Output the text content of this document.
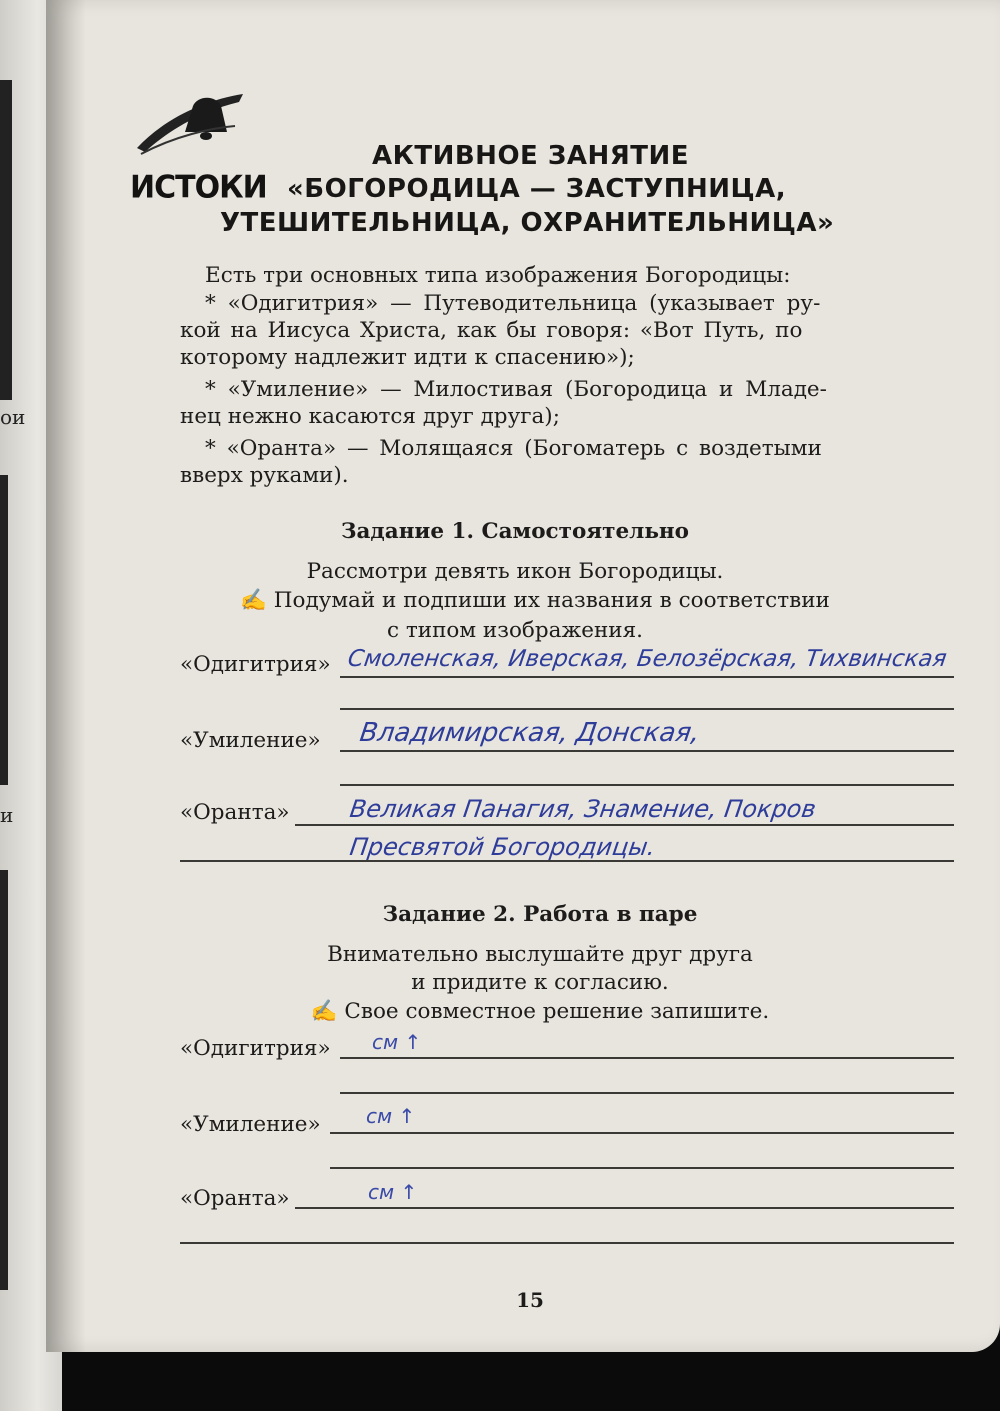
ои
и
АКТИВНОЕ ЗАНЯТИЕ
ИСТОКИ «БОГОРОДИЦА — ЗАСТУПНИЦА,
УТЕШИТЕЛЬНИЦА, ОХРАНИТЕЛЬНИЦА»
Есть три основных типа изображения Богородицы:
* «Одигитрия» — Путеводительница (указывает ру-
кой на Иисуса Христа, как бы говоря: «Вот Путь, по
которому надлежит идти к спасению»);
* «Умиление» — Милостивая (Богородица и Младе-
нец нежно касаются друг друга);
* «Оранта» — Молящаяся (Богоматерь с воздетыми
вверх руками).
Задание 1. Самостоятельно
Рассмотри девять икон Богородицы.
✍ Подумай и подпиши их названия в соответствии
с типом изображения.
«Одигитрия» Смоленская, Иверская, Белозёрская, Тихвинская
«Умиление» Владимирская, Донская,
«Оранта» Великая Панагия, Знамение, Покров
Пресвятой Богородицы.
Задание 2. Работа в паре
Внимательно выслушайте друг друга
и придите к согласию.
✍ Свое совместное решение запишите.
«Одигитрия» см ↑
«Умиление» см ↑
«Оранта»	см ↑
15
